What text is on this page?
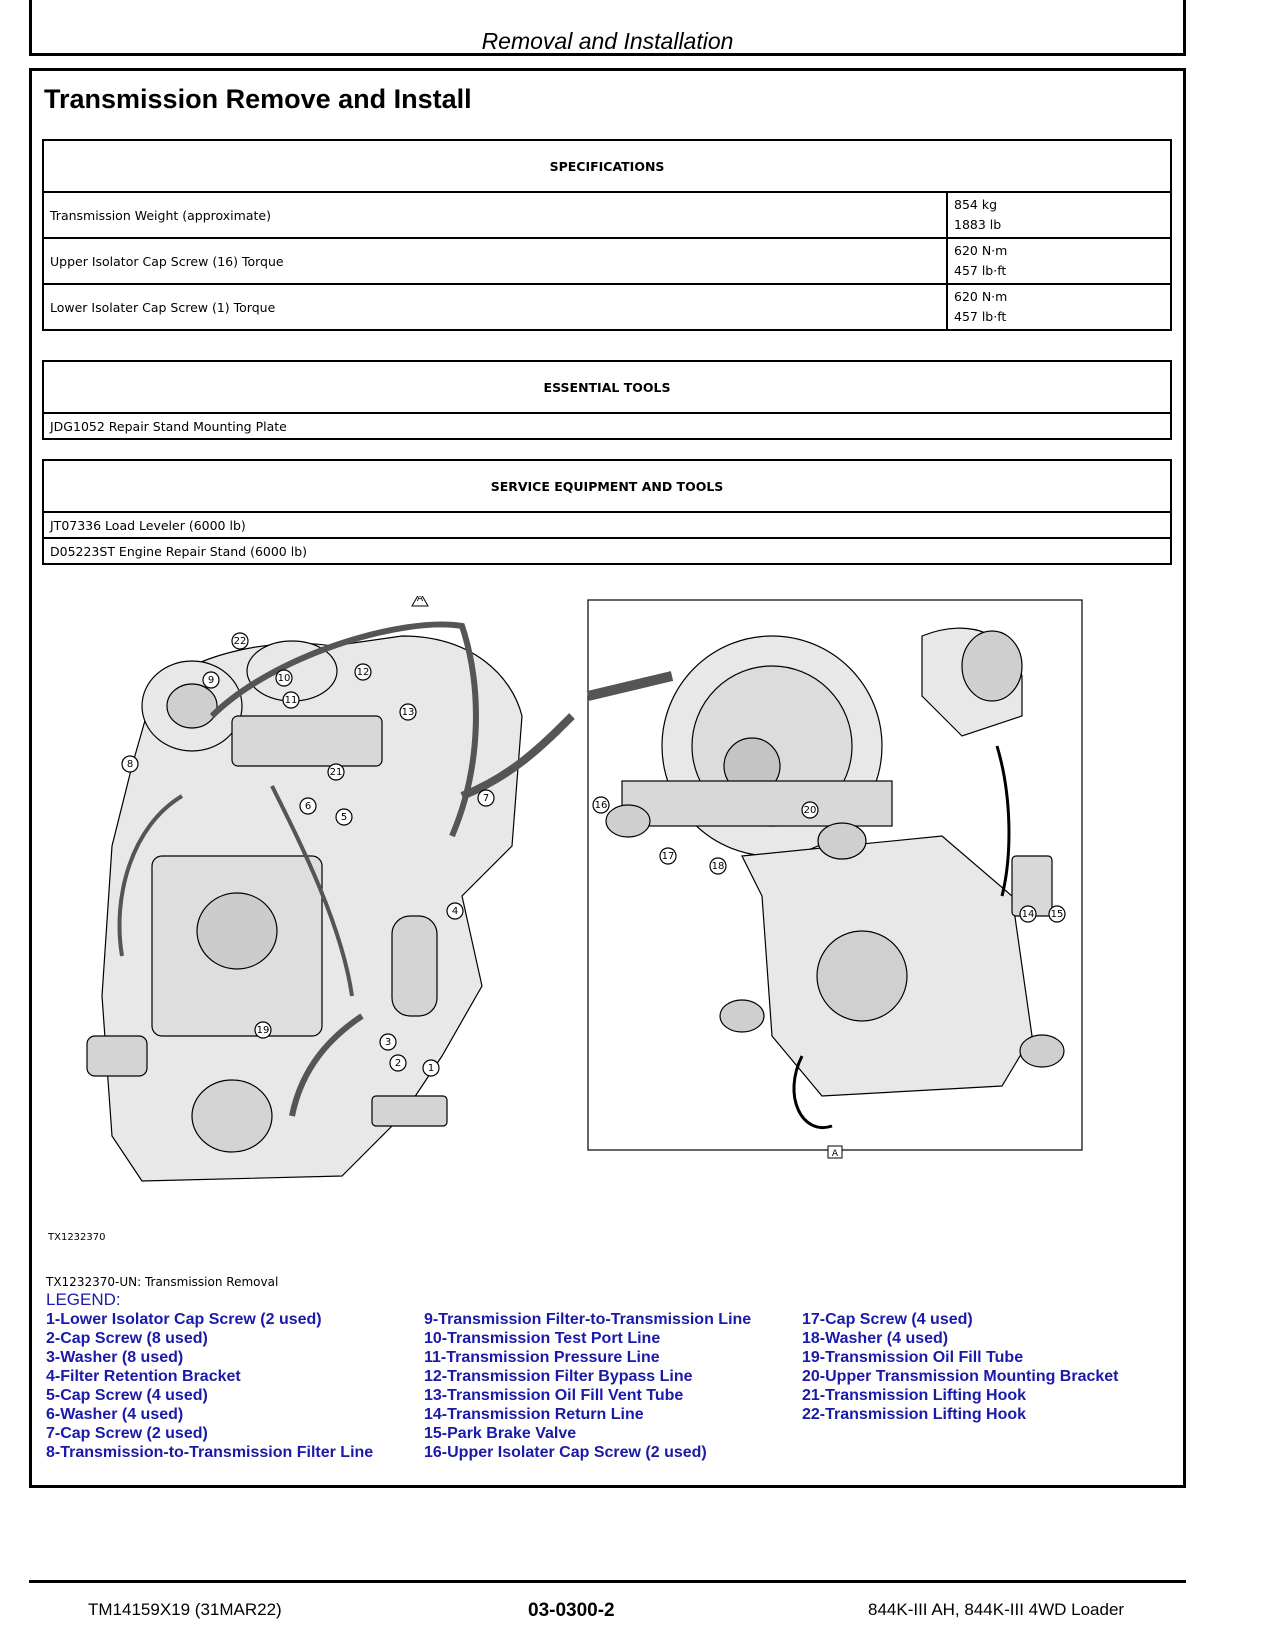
Removal and Installation
Transmission Remove and Install
SPECIFICATIONS	
Transmission Weight (approximate)	854 kg
1883 lb
Upper Isolator Cap Screw (16) Torque	620 N·m
457 lb·ft
Lower Isolater Cap Screw (1) Torque	620 N·m
457 lb·ft
ESSENTIAL TOOLS
JDG1052 Repair Stand Mounting Plate
SERVICE EQUIPMENT AND TOOLS
JT07336 Load Leveler (6000 lb)
D05223ST Engine Repair Stand (6000 lb)
A
A
1
2
3
4
5
6
7
8
9	10
11
12
13
14 15
16
17
18
19
20
21
22
TX1232370
TX1232370-UN: Transmission Removal
LEGEND:
1-Lower Isolator Cap Screw (2 used)
2-Cap Screw (8 used)
3-Washer (8 used)
4-Filter Retention Bracket
5-Cap Screw (4 used)
6-Washer (4 used)
7-Cap Screw (2 used)
8-Transmission-to-Transmission Filter Line
9-Transmission Filter-to-Transmission Line
10-Transmission Test Port Line
11-Transmission Pressure Line
12-Transmission Filter Bypass Line
13-Transmission Oil Fill Vent Tube
14-Transmission Return Line
15-Park Brake Valve
16-Upper Isolater Cap Screw (2 used)
17-Cap Screw (4 used)
18-Washer (4 used)
19-Transmission Oil Fill Tube
20-Upper Transmission Mounting Bracket
21-Transmission Lifting Hook
22-Transmission Lifting Hook
TM14159X19 (31MAR22)	03-0300-2	844K-III AH, 844K-III 4WD Loader
